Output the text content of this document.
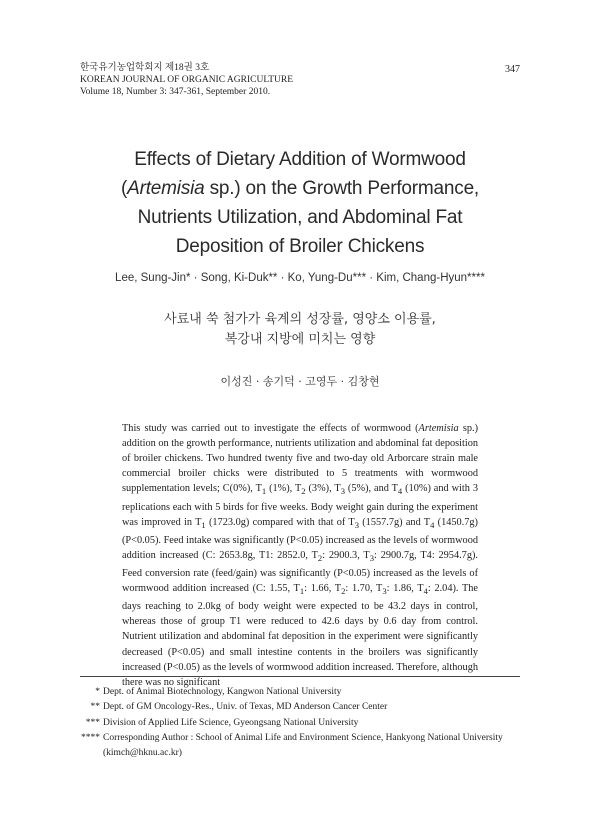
한국유기농업학회지 제18권 3호
KOREAN JOURNAL OF ORGANIC AGRICULTURE
Volume 18, Number 3: 347-361, September 2010.
347
Effects of Dietary Addition of Wormwood
(Artemisia sp.) on the Growth Performance,
Nutrients Utilization, and Abdominal Fat
Deposition of Broiler Chickens
Lee, Sung-Jin* · Song, Ki-Duk** · Ko, Yung-Du*** · Kim, Chang-Hyun****
사료내 쑥 첨가가 육계의 성장률, 영양소 이용률,
복강내 지방에 미치는 영향
이성진 · 송기덕 · 고영두 · 김창현
This study was carried out to investigate the effects of wormwood (Artemisia sp.) addition on the growth performance, nutrients utilization and abdominal fat deposition of broiler chickens. Two hundred twenty five and two-day old Arborcare strain male commercial broiler chicks were distributed to 5 treatments with wormwood supplementation levels; C(0%), $T_1$ (1%), $T_2$ (3%), $T_3$ (5%), and $T_4$ (10%) and with 3 replications each with 5 birds for five weeks. Body weight gain during the experiment was improved in $T_1$ (1723.0g) compared with that of $T_3$ (1557.7g) and $T_4$ (1450.7g) (P<0.05). Feed intake was significantly (P<0.05) increased as the levels of wormwood addition increased (C: 2653.8g, T1: 2852.0, $T_2$: 2900.3, $T_3$: 2900.7g, T4: 2954.7g). Feed conversion rate (feed/gain) was significantly (P<0.05) increased as the levels of wormwood addition increased (C: 1.55, $T_1$: 1.66, $T_2$: 1.70, $T_3$: 1.86, $T_4$: 2.04). The days reaching to 2.0kg of body weight were expected to be 43.2 days in control, whereas those of group T1 were reduced to 42.6 days by 0.6 day from control. Nutrient utilization and abdominal fat deposition in the experiment were significantly decreased (P<0.05) and small intestine contents in the broilers was significantly increased (P<0.05) as the levels of wormwood addition increased. Therefore, although there was no significant
* Dept. of Animal Biotechnology, Kangwon National University
** Dept. of GM Oncology-Res., Univ. of Texas, MD Anderson Cancer Center
*** Division of Applied Life Science, Gyeongsang National University
**** Corresponding Author : School of Animal Life and Environment Science, Hankyong National University
(kimch@hknu.ac.kr)
